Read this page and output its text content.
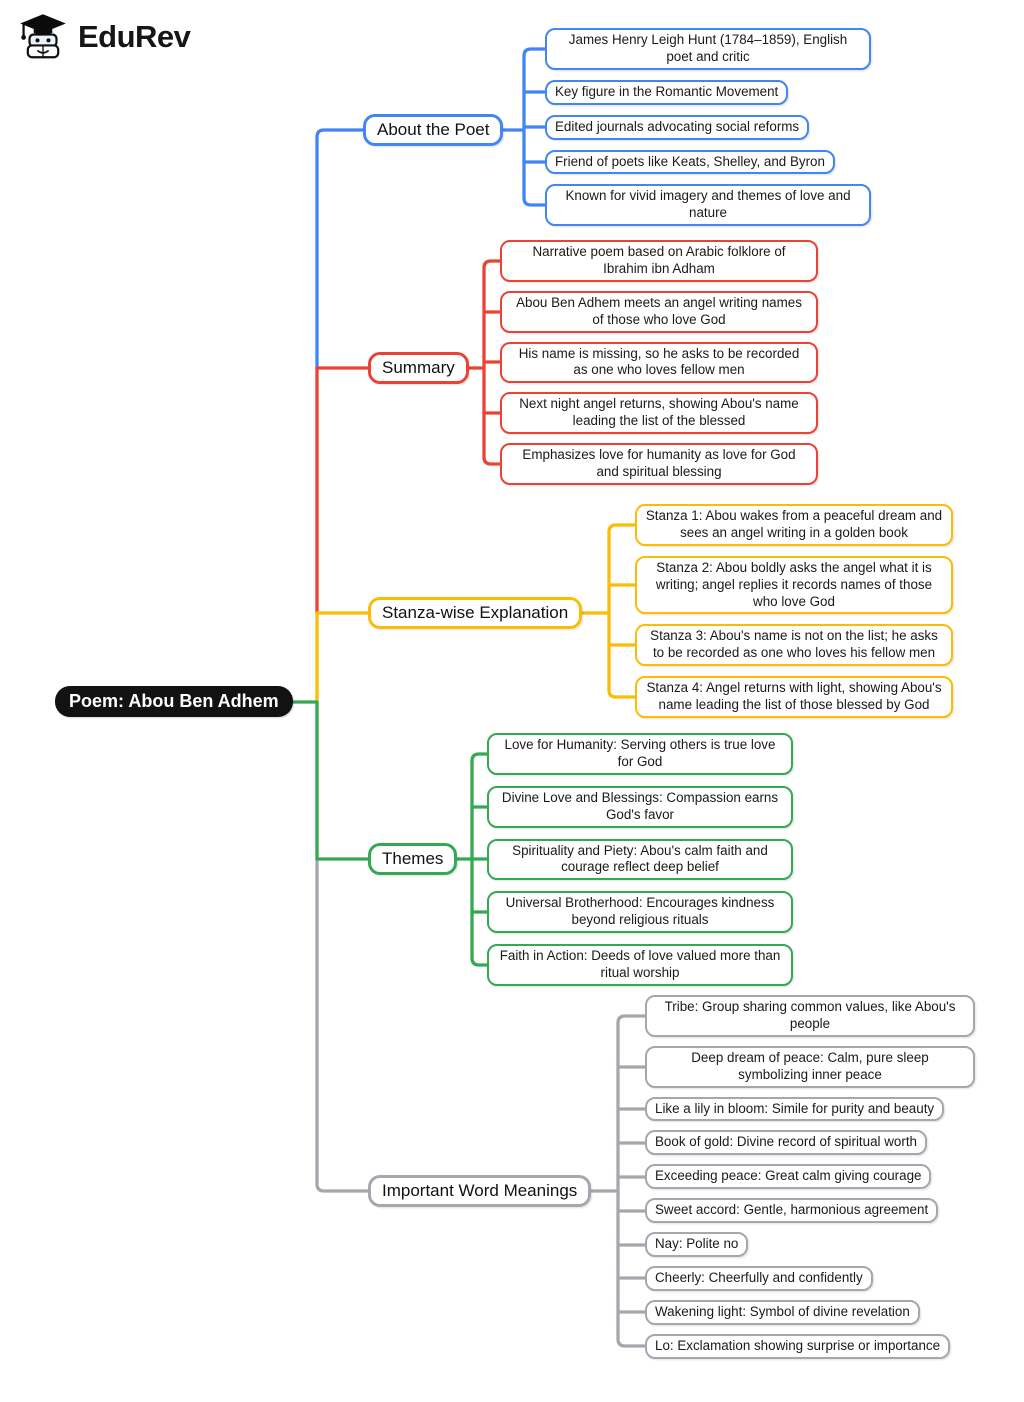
EduRev
Poem: Abou Ben Adhem
About the Poet
James Henry Leigh Hunt (1784–1859), English poet and critic
Key figure in the Romantic Movement
Edited journals advocating social reforms
Friend of poets like Keats, Shelley, and Byron
Known for vivid imagery and themes of love and nature
Summary
Narrative poem based on Arabic folklore of Ibrahim ibn Adham
Abou Ben Adhem meets an angel writing names of those who love God
His name is missing, so he asks to be recorded as one who loves fellow men
Next night angel returns, showing Abou's name leading the list of the blessed
Emphasizes love for humanity as love for God and spiritual blessing
Stanza-wise Explanation
Stanza 1: Abou wakes from a peaceful dream and sees an angel writing in a golden book
Stanza 2: Abou boldly asks the angel what it is writing; angel replies it records names of those who love God
Stanza 3: Abou's name is not on the list; he asks to be recorded as one who loves his fellow men
Stanza 4: Angel returns with light, showing Abou's name leading the list of those blessed by God
Themes
Love for Humanity: Serving others is true love for God
Divine Love and Blessings: Compassion earns God's favor
Spirituality and Piety: Abou's calm faith and courage reflect deep belief
Universal Brotherhood: Encourages kindness beyond religious rituals
Faith in Action: Deeds of love valued more than ritual worship
Important Word Meanings
Tribe: Group sharing common values, like Abou's people
Deep dream of peace: Calm, pure sleep symbolizing inner peace
Like a lily in bloom: Simile for purity and beauty
Book of gold: Divine record of spiritual worth
Exceeding peace: Great calm giving courage
Sweet accord: Gentle, harmonious agreement
Nay: Polite no
Cheerly: Cheerfully and confidently
Wakening light: Symbol of divine revelation
Lo: Exclamation showing surprise or importance
